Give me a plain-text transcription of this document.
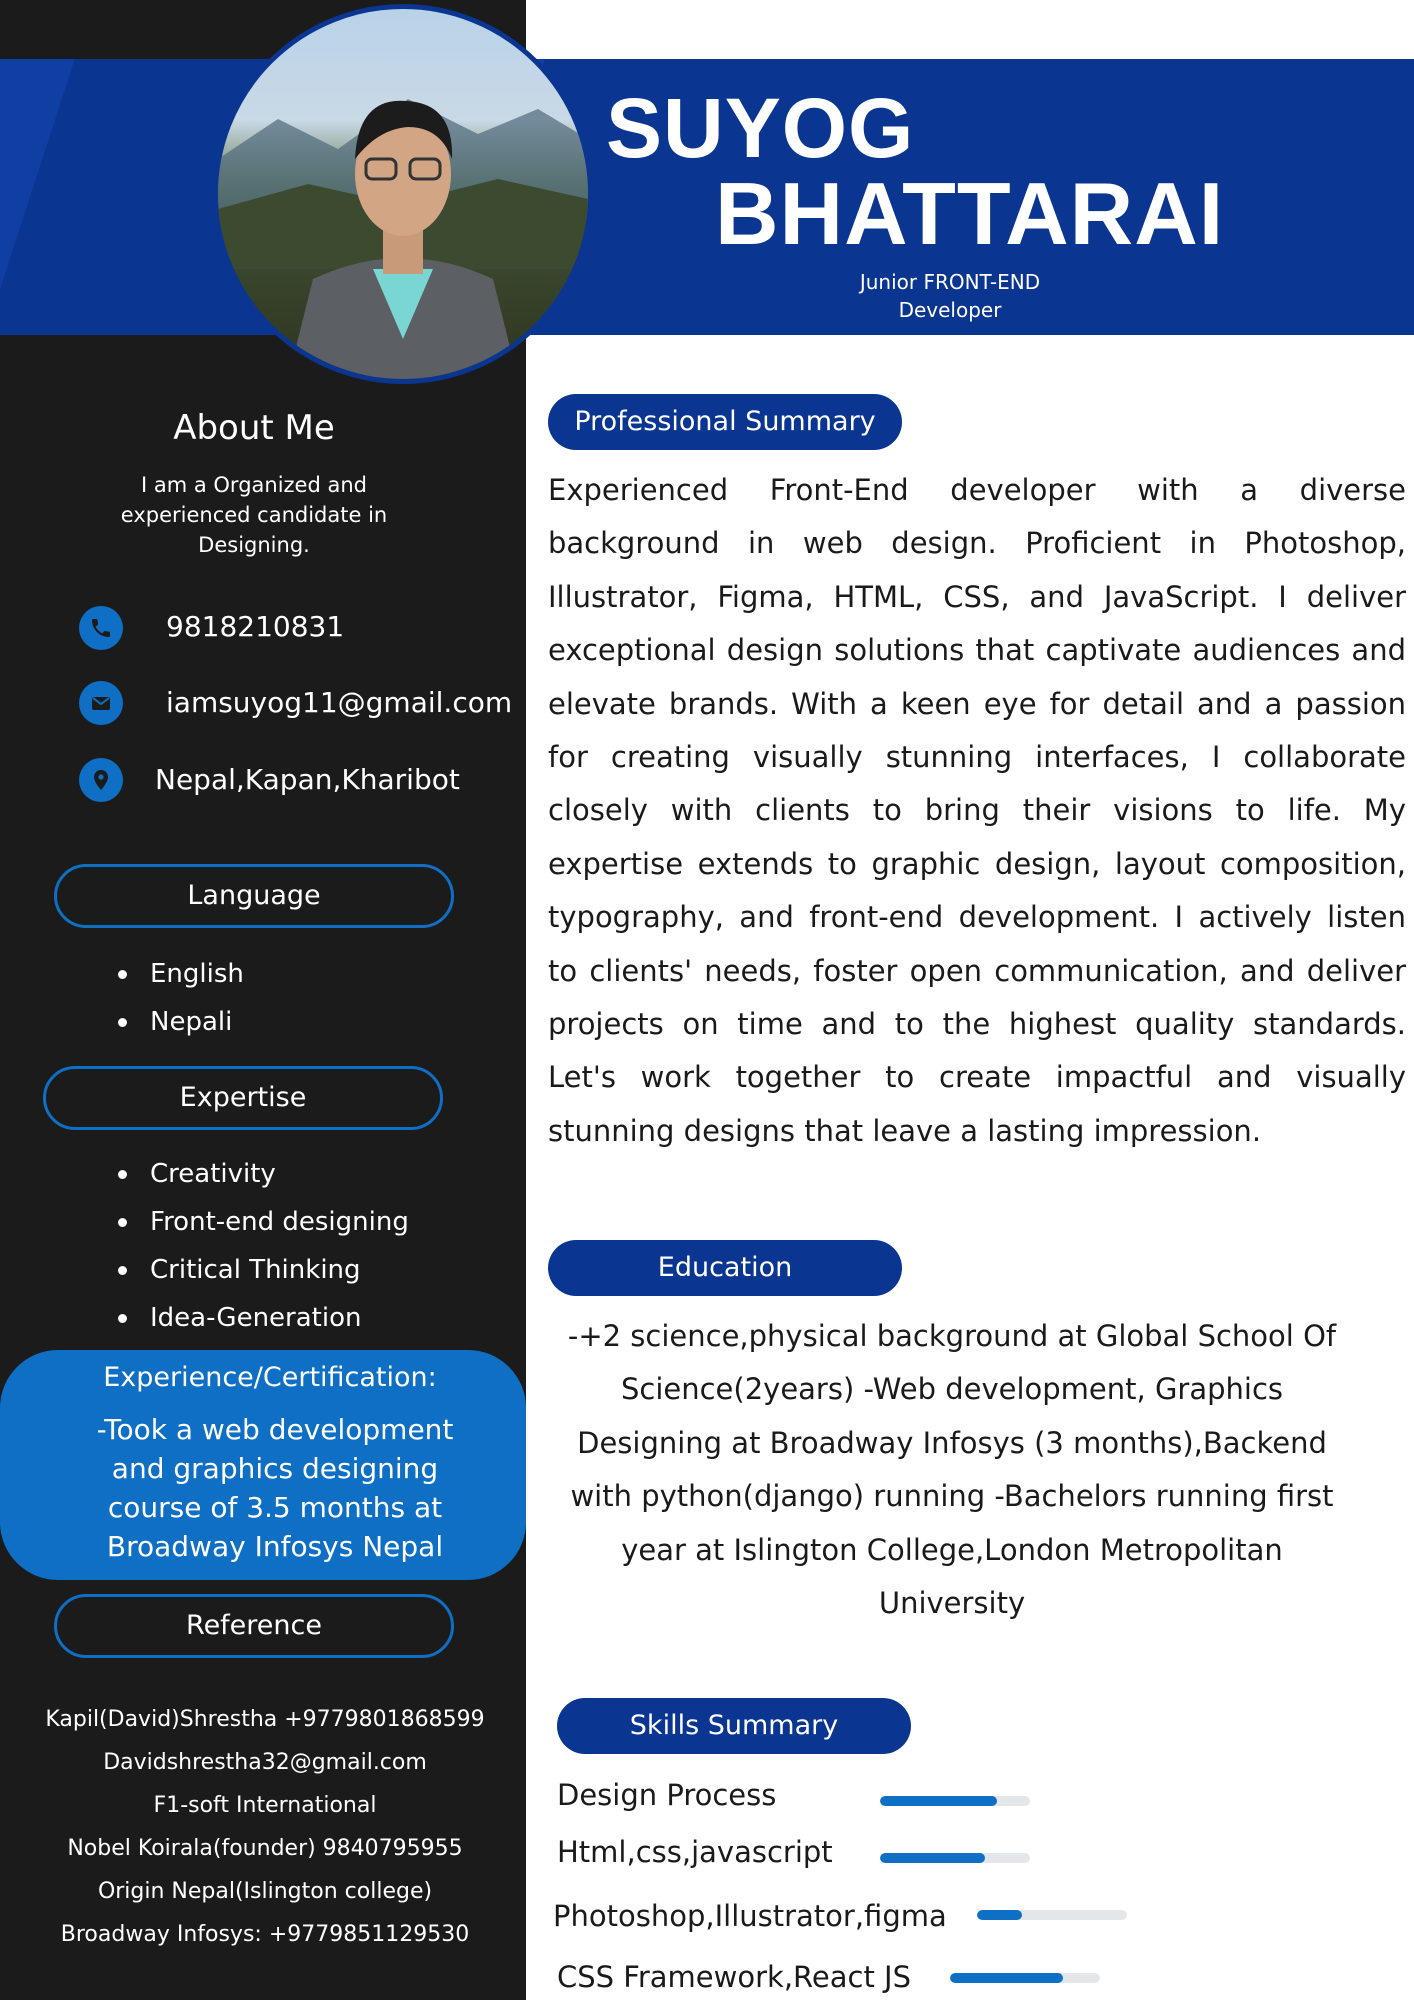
SUYOG
BHATTARAI
Junior FRONT-END Developer
About Me
I am a Organized and experienced candidate in Designing.
9818210831
iamsuyog11@gmail.com
Nepal,Kapan,Kharibot
Language
English
Nepali
Expertise
Creativity
Front-end designing
Critical Thinking
Idea-Generation
Experience/Certification:
-Took a web development and graphics designing course of 3.5 months at Broadway Infosys Nepal
Reference
Kapil(David)Shrestha +9779801868599
Davidshrestha32@gmail.com
F1-soft International
Nobel Koirala(founder) 9840795955
Origin Nepal(Islington college)
Broadway Infosys: +9779851129530
Professional Summary
Experienced Front-End developer with a diverse background in web design. Proficient in Photoshop, Illustrator, Figma, HTML, CSS, and JavaScript. I deliver exceptional design solutions that captivate audiences and elevate brands. With a keen eye for detail and a passion for creating visually stunning interfaces, I collaborate closely with clients to bring their visions to life. My expertise extends to graphic design, layout composition, typography, and front-end development. I actively listen to clients' needs, foster open communication, and deliver projects on time and to the highest quality standards. Let's work together to create impactful and visually stunning designs that leave a lasting impression.
Education
-+2 science,physical background at Global School Of Science(2years) -Web development, Graphics Designing at Broadway Infosys (3 months),Backend with python(django) running -Bachelors running first year at Islington College,London Metropolitan University
Skills Summary
Design Process
Html,css,javascript
Photoshop,Illustrator,figma
CSS Framework,React JS
